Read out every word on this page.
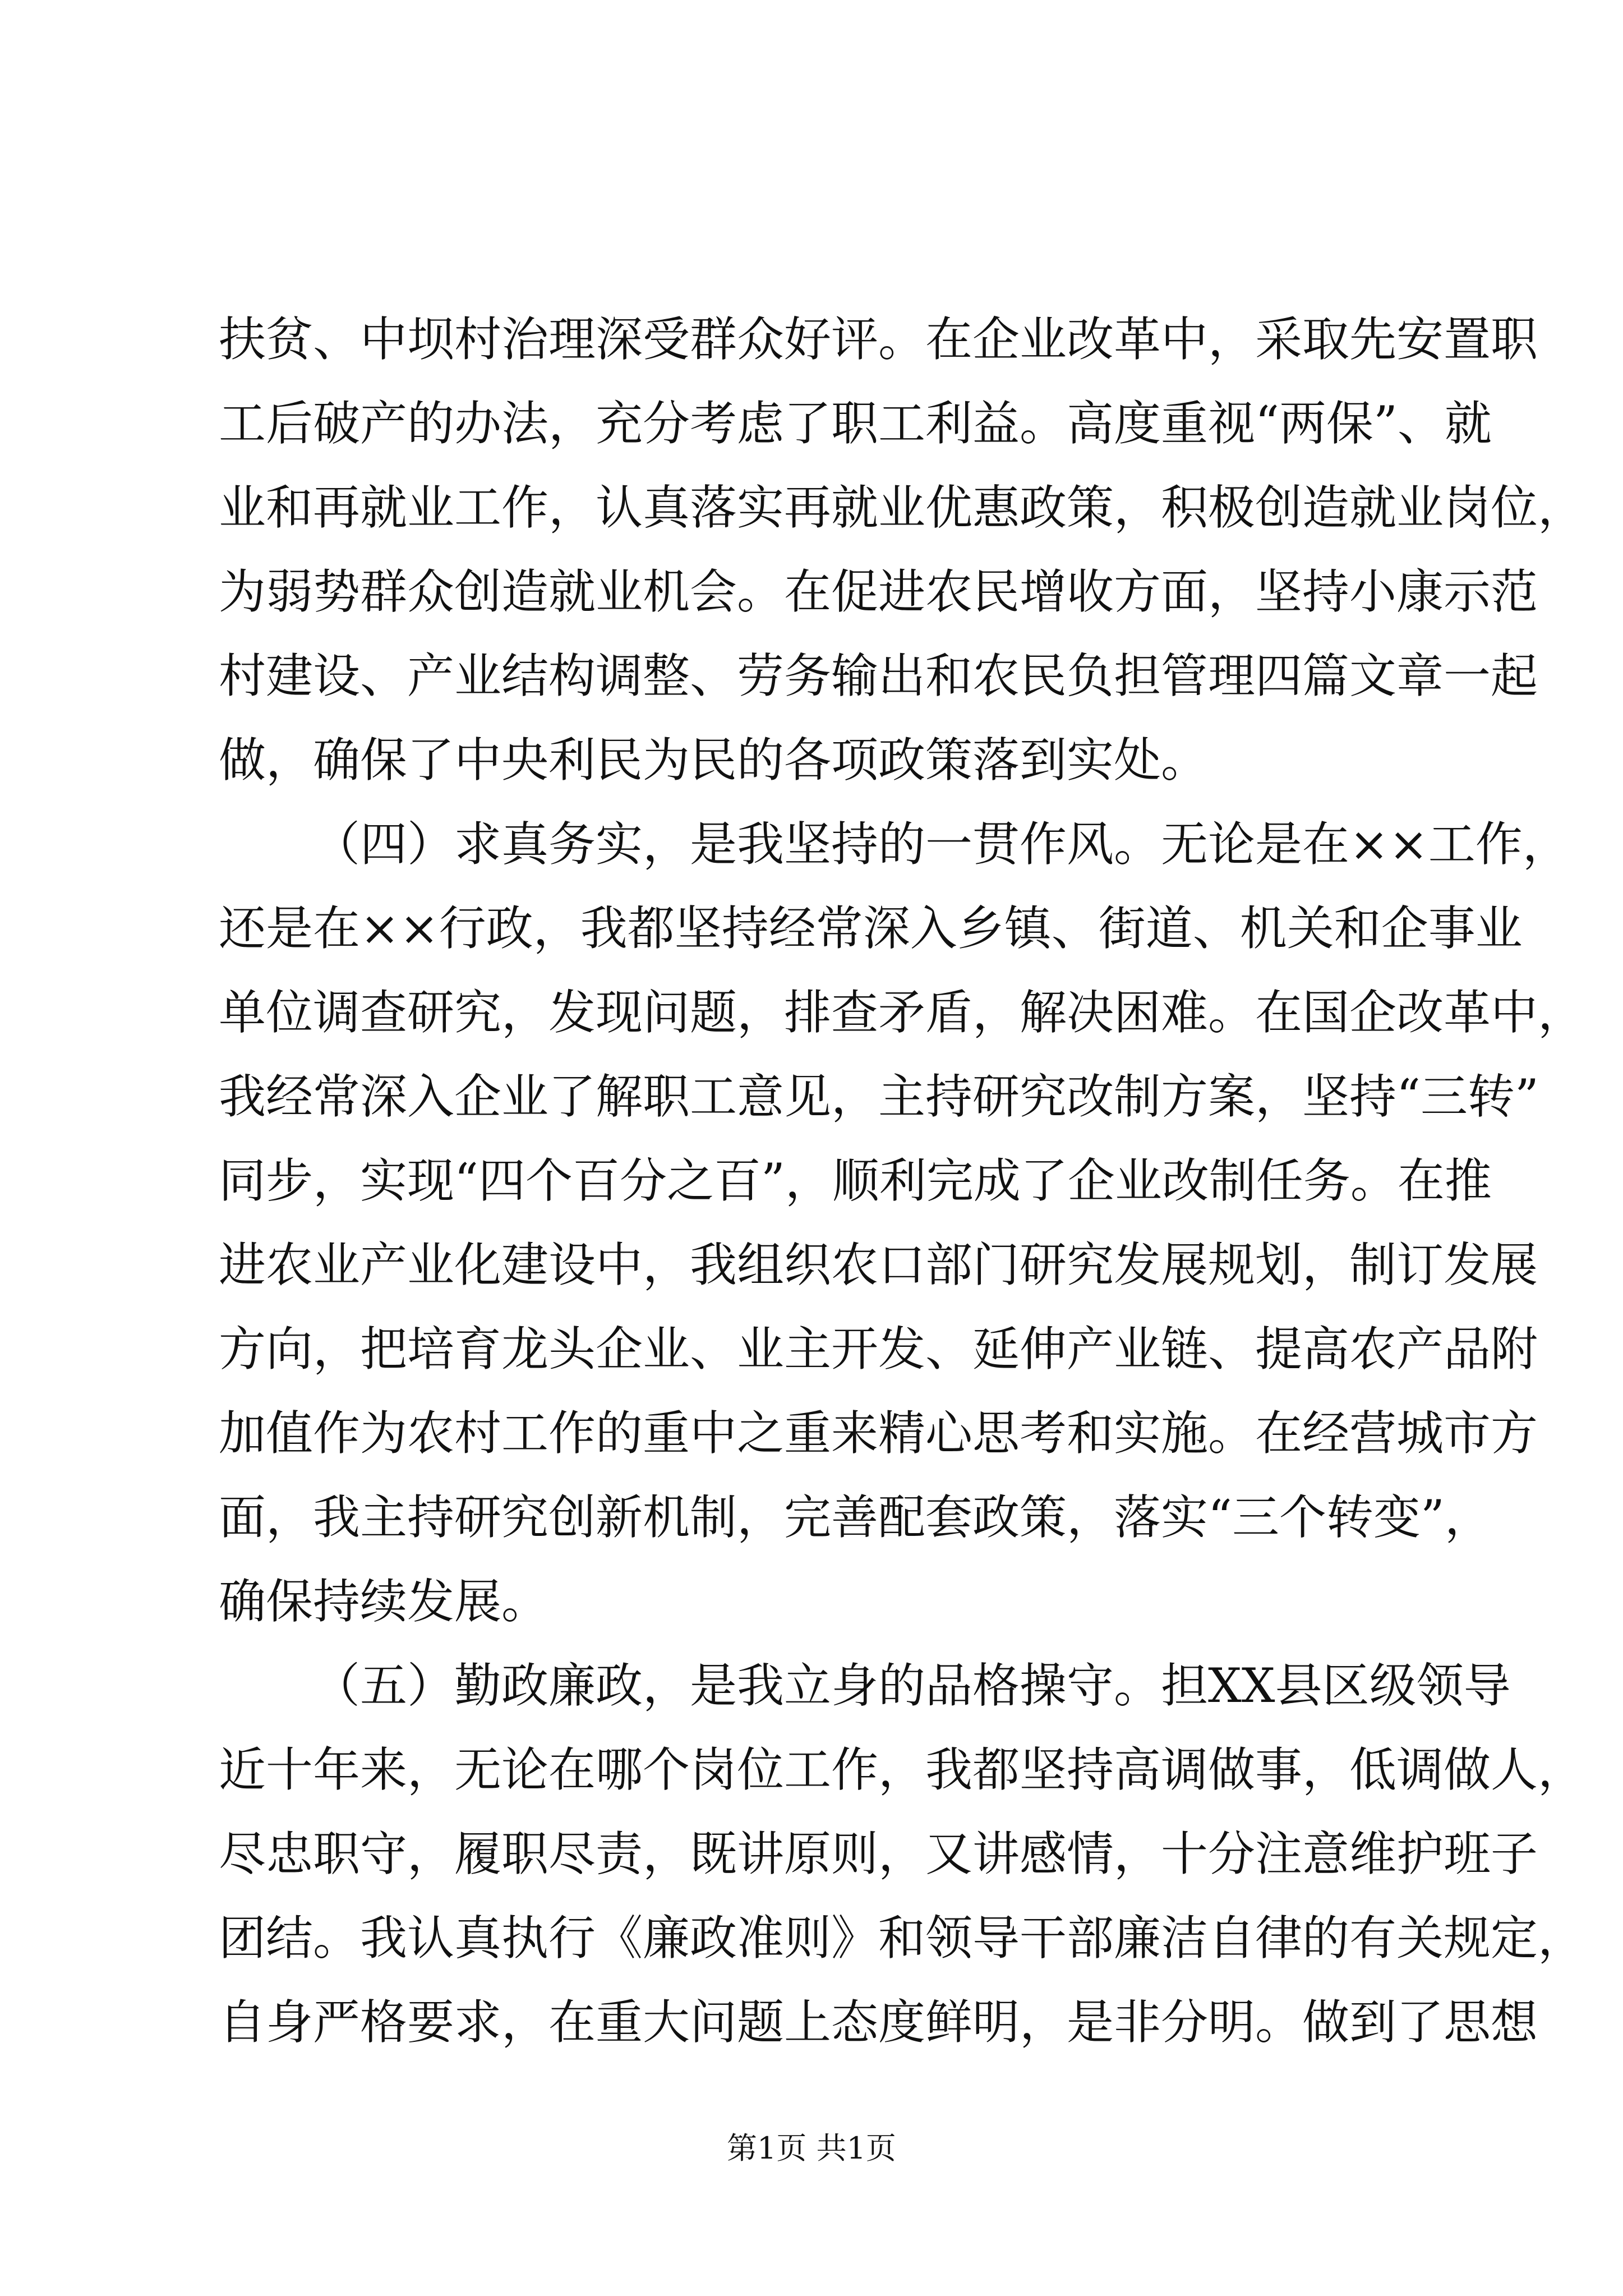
扶贫、中坝村治理深受群众好评。在企业改革中，采取先安置职
工后破产的办法，充分考虑了职工利益。高度重视“两保”、就
业和再就业工作，认真落实再就业优惠政策，积极创造就业岗位，
为弱势群众创造就业机会。在促进农民增收方面，坚持小康示范
村建设、产业结构调整、劳务输出和农民负担管理四篇文章一起
做，确保了中央利民为民的各项政策落到实处。
（四）求真务实，是我坚持的一贯作风。无论是在××工作，
还是在××行政，我都坚持经常深入乡镇、街道、机关和企事业
单位调查研究，发现问题，排查矛盾，解决困难。在国企改革中，
我经常深入企业了解职工意见，主持研究改制方案，坚持“三转”
同步，实现“四个百分之百”，顺利完成了企业改制任务。在推
进农业产业化建设中，我组织农口部门研究发展规划，制订发展
方向，把培育龙头企业、业主开发、延伸产业链、提高农产品附
加值作为农村工作的重中之重来精心思考和实施。在经营城市方
面，我主持研究创新机制，完善配套政策，落实“三个转变”，
确保持续发展。
（五）勤政廉政，是我立身的品格操守。担XX县区级领导
近十年来，无论在哪个岗位工作，我都坚持高调做事，低调做人，
尽忠职守，履职尽责，既讲原则，又讲感情，十分注意维护班子
团结。我认真执行《廉政准则》和领导干部廉洁自律的有关规定，
第1页 共1页
自身严格要求，在重大问题上态度鲜明，是非分明。做到了思想
